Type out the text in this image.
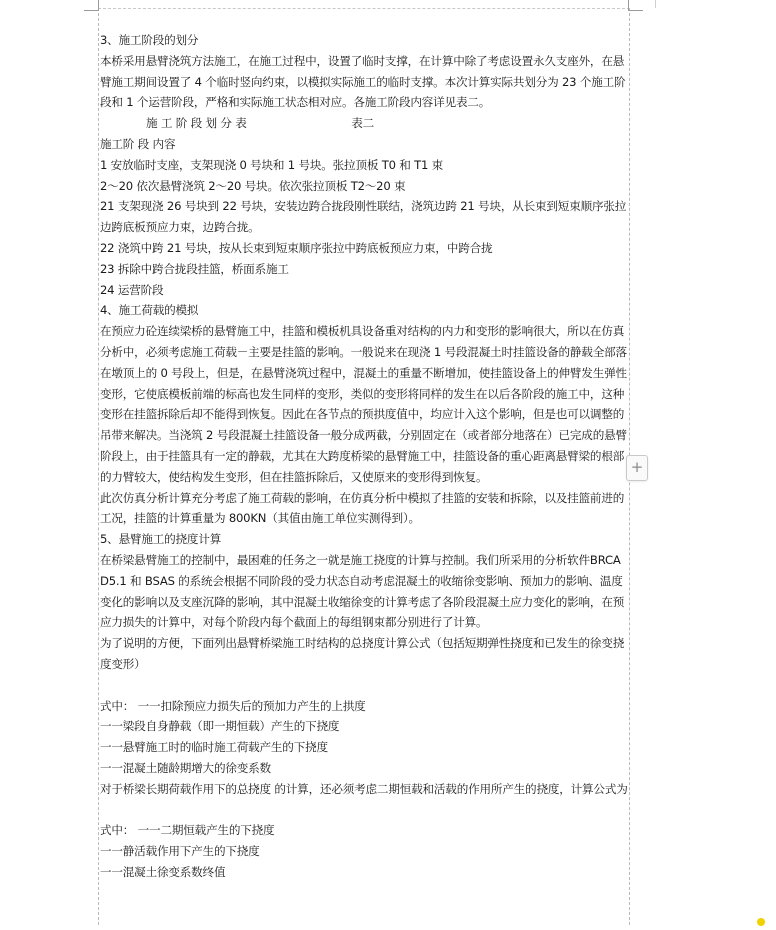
3、施工阶段的划分

本桥采用悬臂浇筑方法施工，在施工过程中，设置了临时支撑，在计算中除了考虑设置永久支座外，在悬臂施工期间设置了 4 个临时竖向约束，以模拟实际施工的临时支撑。本次计算实际共划分为 23 个施工阶段和 1 个运营阶段，严格和实际施工状态相对应。各施工阶段内容详见表二。

施 工 阶 段 划 分 表                              表二

施工阶 段 内容

1 安放临时支座，支架现浇 0 号块和 1 号块。张拉顶板 T0 和 T1 束

2～20 依次悬臂浇筑 2～20 号块。依次张拉顶板 T2～20 束

21 支架现浇 26 号块到 22 号块，安装边跨合拢段刚性联结，浇筑边跨 21 号块，从长束到短束顺序张拉边跨底板预应力束，边跨合拢。

22 浇筑中跨 21 号块，按从长束到短束顺序张拉中跨底板预应力束，中跨合拢

23 拆除中跨合拢段挂篮，桥面系施工

24 运营阶段

4、施工荷载的模拟

在预应力砼连续梁桥的悬臂施工中，挂篮和模板机具设备重对结构的内力和变形的影响很大，所以在仿真分析中，必须考虑施工荷载－主要是挂篮的影响。一般说来在现浇 1 号段混凝土时挂篮设备的静载全部落在墩顶上的 0 号段上，但是，在悬臂浇筑过程中，混凝土的重量不断增加，使挂篮设备上的伸臂发生弹性变形，它使底模板前端的标高也发生同样的变形，类似的变形将同样的发生在以后各阶段的施工中，这种变形在挂篮拆除后却不能得到恢复。因此在各节点的预拱度值中，均应计入这个影响，但是也可以调整的吊带来解决。当浇筑 2 号段混凝土挂篮设备一般分成两截，分别固定在（或者部分地落在）已完成的悬臂阶段上，由于挂篮具有一定的静载，尤其在大跨度桥梁的悬臂施工中，挂篮设备的重心距离悬臂梁的根部的力臂较大，使结构发生变形，但在挂篮拆除后，又使原来的变形得到恢复。

此次仿真分析计算充分考虑了施工荷载的影响，在仿真分析中模拟了挂篮的安装和拆除，以及挂篮前进的工况，挂篮的计算重量为 800KN（其值由施工单位实测得到）。

5、悬臂施工的挠度计算

在桥梁悬臂施工的控制中，最困难的任务之一就是施工挠度的计算与控制。我们所采用的分析软件BRCAD5.1 和 BSAS 的系统会根据不同阶段的受力状态自动考虑混凝土的收缩徐变影响、预加力的影响、温度变化的影响以及支座沉降的影响，其中混凝土收缩徐变的计算考虑了各阶段混凝土应力变化的影响，在预应力损失的计算中，对每个阶段内每个截面上的每组钢束都分别进行了计算。

为了说明的方便，下面列出悬臂桥梁施工时结构的总挠度计算公式（包括短期弹性挠度和已发生的徐变挠度变形）

式中： 一一扣除预应力损失后的预加力产生的上拱度

一一梁段自身静载（即一期恒载）产生的下挠度

一一悬臂施工时的临时施工荷载产生的下挠度

一一混凝土随龄期增大的徐变系数

对于桥梁长期荷载作用下的总挠度 的计算，还必须考虑二期恒载和活载的作用所产生的挠度，计算公式为

式中： 一一二期恒载产生的下挠度

一一静活载作用下产生的下挠度

一一混凝土徐变系数终值

+
